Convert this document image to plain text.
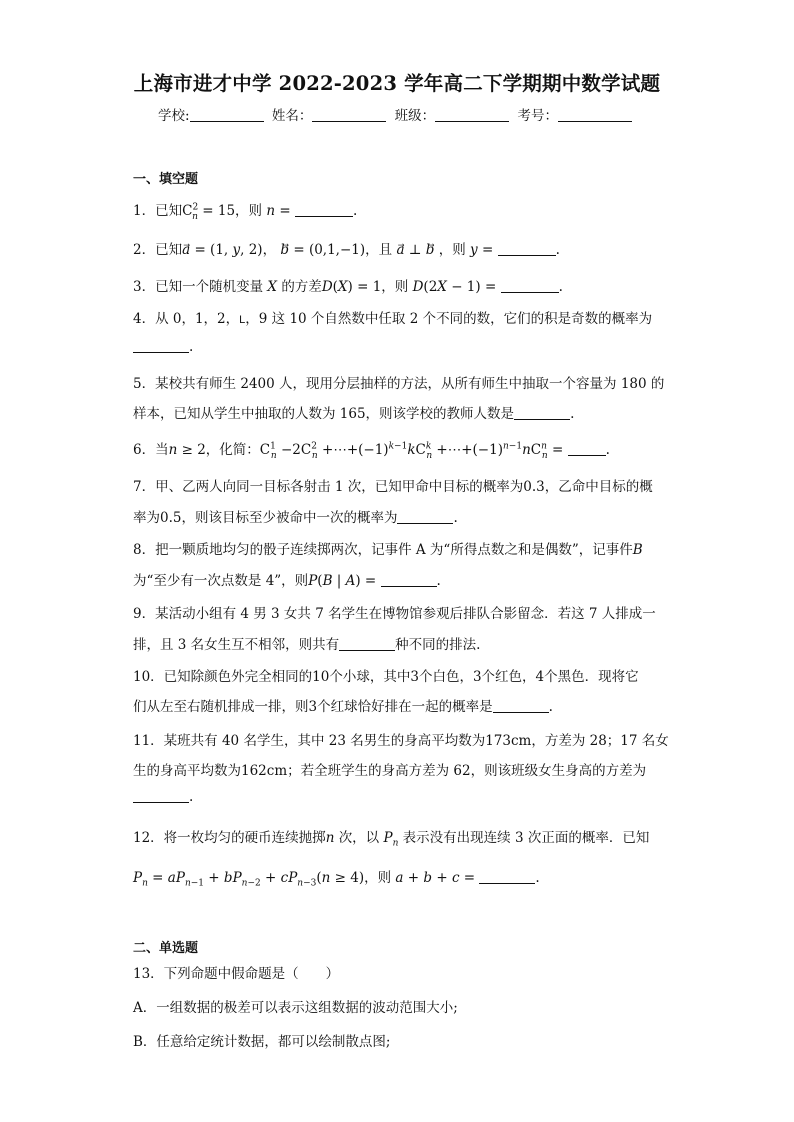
上海市进才中学 2022-2023 学年高二下学期期中数学试题
学校:	姓名：	班级：	考号：
一、填空题
1．已知$C^2_n = 15$，则 n =	.
2．已知a⃗ = (1, y, 2)， b⃗ = (0,1,−1)，且 a⃗ ⊥ b⃗ ，则 y =	.
3．已知一个随机变量 X 的方差D(X) = 1，则 D(2X − 1) =	.
4．从 0，1，2，L，9 这 10 个自然数中任取 2 个不同的数，它们的积是奇数的概率为
.
5．某校共有师生 2400 人，现用分层抽样的方法，从所有师生中抽取一个容量为 180 的
样本，已知从学生中抽取的人数为 165，则该学校的教师人数是	.
6．当n ≥ 2，化简：$C^1_n -2C^2_n$ $+\cdots+(-1)^{k-1}kC^k_n$ $+\cdots+(-1)^{n-1}nC^n_n$ =	.
7．甲、乙两人向同一目标各射击 1 次，已知甲命中目标的概率为0.3，乙命中目标的概
率为0.5，则该目标至少被命中一次的概率为	.
8．把一颗质地均匀的骰子连续掷两次，记事件 A 为“所得点数之和是偶数”，记事件B
为“至少有一次点数是 4”，则P(B | A) =	.
9．某活动小组有 4 男 3 女共 7 名学生在博物馆参观后排队合影留念．若这 7 人排成一
排，且 3 名女生互不相邻，则共有	种不同的排法.
10．已知除颜色外完全相同的10个小球，其中3个白色，3个红色，4个黑色．现将它
们从左至右随机排成一排，则3个红球恰好排在一起的概率是	.
11．某班共有 40 名学生，其中 23 名男生的身高平均数为173cm，方差为 28；17 名女
生的身高平均数为162cm；若全班学生的身高方差为 62，则该班级女生身高的方差为
.
12．将一枚均匀的硬币连续抛掷n 次，以 $P_n$ 表示没有出现连续 3 次正面的概率．已知
$P_n = aP_{n-1} + bP_{n-2} + cP_{n-3}(n \ge 4)$，则 a + b + c =	.
二、单选题
13．下列命题中假命题是（　　）
A．一组数据的极差可以表示这组数据的波动范围大小;
B．任意给定统计数据，都可以绘制散点图;
